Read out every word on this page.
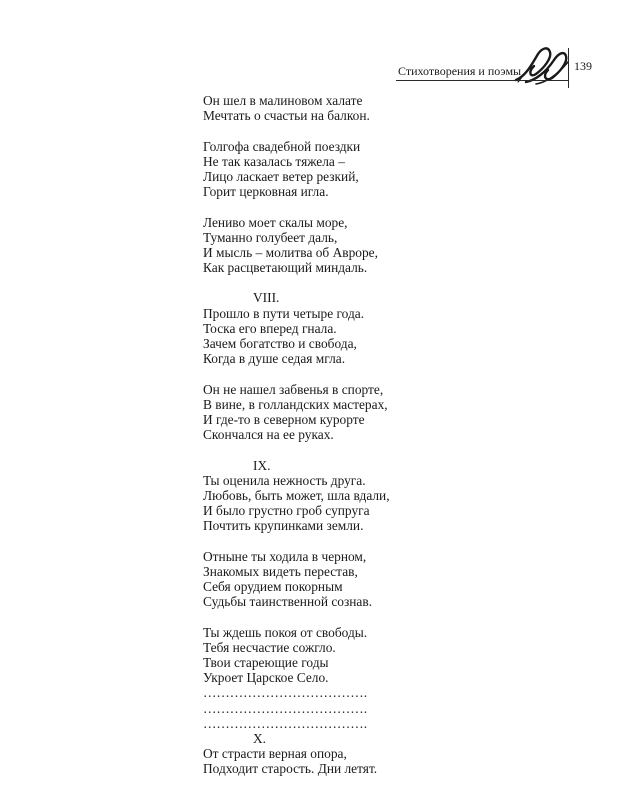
Стихотворения и поэмы	139
Он шел в малиновом халате
Мечтать о счастьи на балкон.
Голгофа свадебной поездки
Не так казалась тяжела –
Лицо ласкает ветер резкий,
Горит церковная игла.
Лениво моет скалы море,
Туманно голубеет даль,
И мысль – молитва об Авроре,
Как расцветающий миндаль.
VIII.
Прошло в пути четыре года.
Тоска его вперед гнала.
Зачем богатство и свобода,
Когда в душе седая мгла.
Он не нашел забвенья в спорте,
В вине, в голландских мастерах,
И где-то в северном курорте
Скончался на ее руках.
IX.
Ты оценила нежность друга.
Любовь, быть может, шла вдали,
И было грустно гроб супруга
Почтить крупинками земли.
Отныне ты ходила в черном,
Знакомых видеть перестав,
Себя орудием покорным
Судьбы таинственной сознав.
Ты ждешь покоя от свободы.
Тебя несчастие сожгло.
Твои стареющие годы
Укроет Царское Село.
……………………………….
……………………………….
……………………………….
X.
От страсти верная опора,
Подходит старость. Дни летят.
